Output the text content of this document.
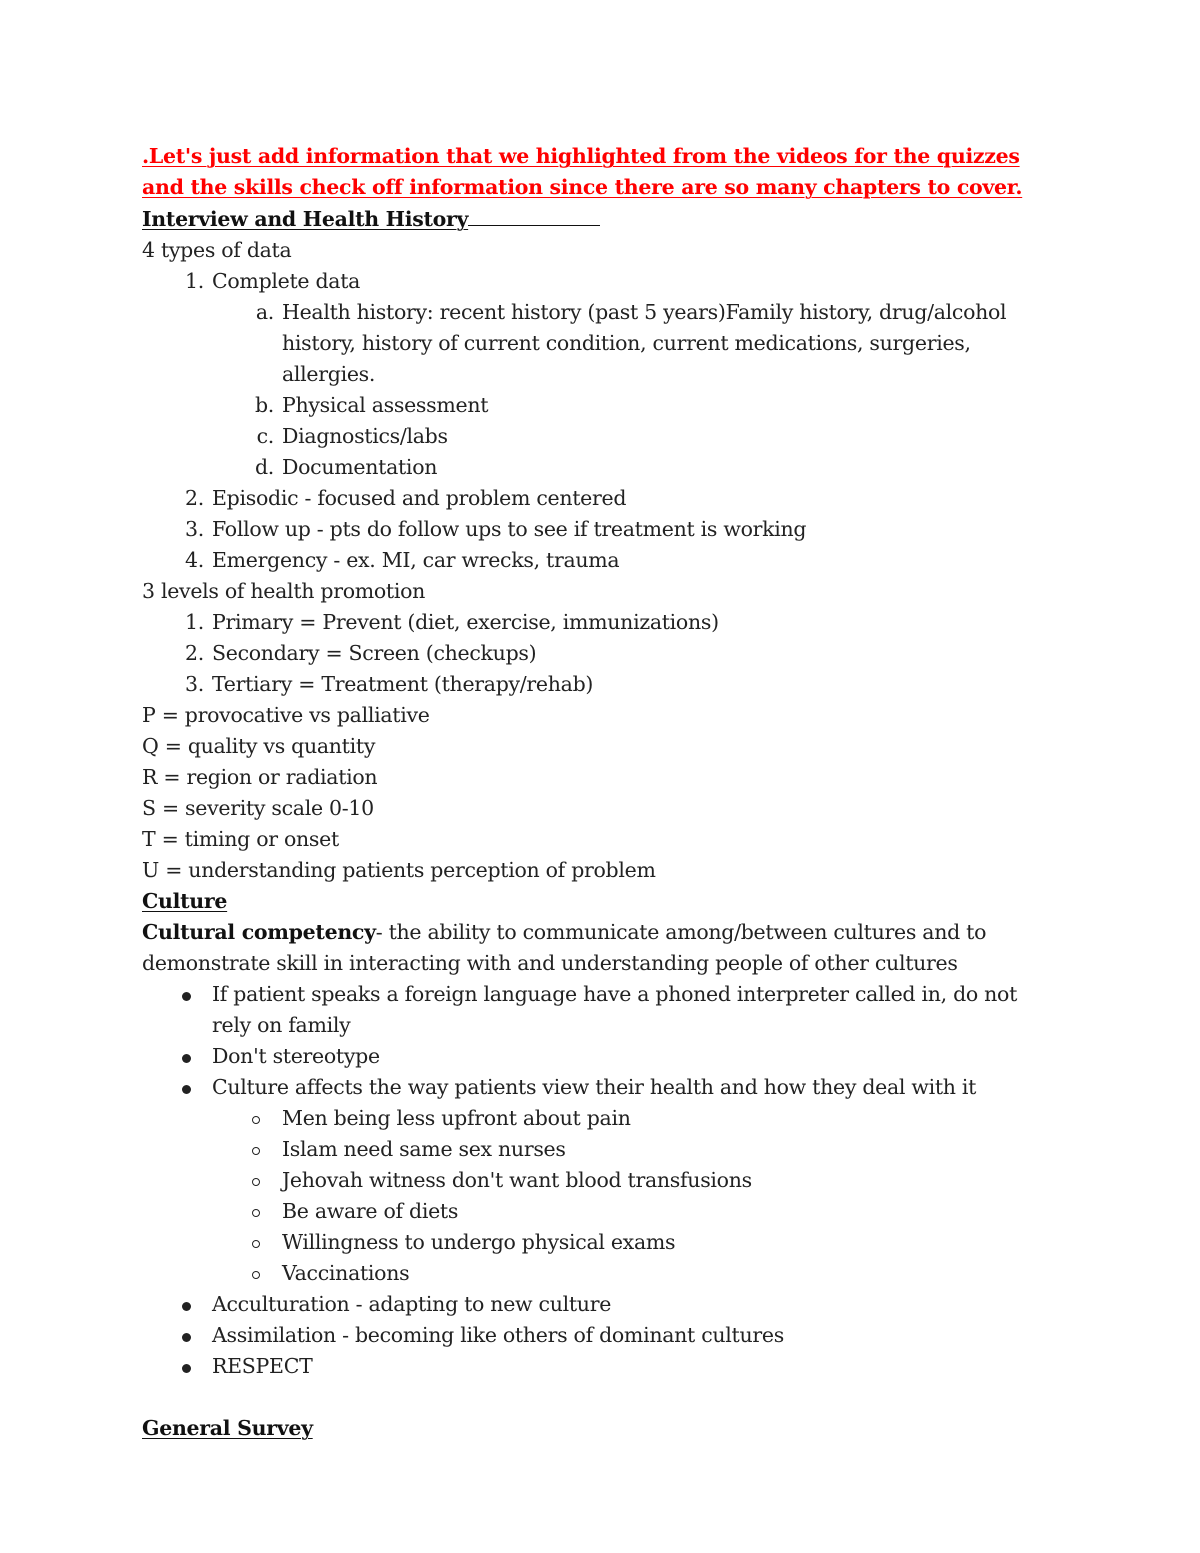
.Let's just add information that we highlighted from the videos for the quizzes and the skills check off information since there are so many chapters to cover.
Interview and Health History
4 types of data
1. Complete data
a. Health history: recent history (past 5 years)Family history, drug/alcohol history, history of current condition, current medications, surgeries, allergies.
b. Physical assessment
c. Diagnostics/labs
d. Documentation
2. Episodic - focused and problem centered
3. Follow up - pts do follow ups to see if treatment is working
4. Emergency - ex. MI, car wrecks, trauma
3 levels of health promotion
1. Primary = Prevent (diet, exercise, immunizations)
2. Secondary = Screen (checkups)
3. Tertiary = Treatment (therapy/rehab)
P = provocative vs palliative
Q = quality vs quantity
R = region or radiation
S = severity scale 0-10
T = timing or onset
U = understanding patients perception of problem
Culture
Cultural competency- the ability to communicate among/between cultures and to demonstrate skill in interacting with and understanding people of other cultures
If patient speaks a foreign language have a phoned interpreter called in, do not rely on family
Don't stereotype
Culture affects the way patients view their health and how they deal with it
Men being less upfront about pain
Islam need same sex nurses
Jehovah witness don't want blood transfusions
Be aware of diets
Willingness to undergo physical exams
Vaccinations
Acculturation - adapting to new culture
Assimilation - becoming like others of dominant cultures
RESPECT
General Survey
